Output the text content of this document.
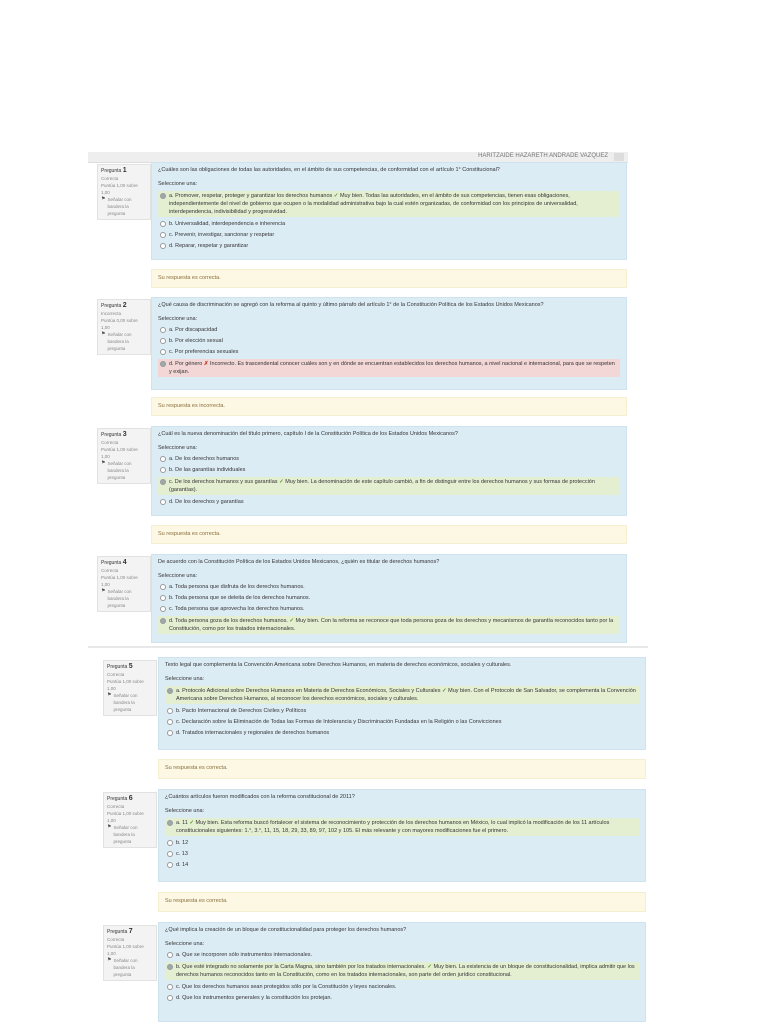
HARITZAIDE HAZARETH ANDRADE VAZQUEZ
Pregunta 1
Correcta
Puntúa 1,00 sobre 1,00
⚑ Señalar con bandera la pregunta
¿Cuáles son las obligaciones de todas las autoridades, en el ámbito de sus competencias, de conformidad con el artículo 1° Constitucional?
Seleccione una:
a. Promover, respetar, proteger y garantizar los derechos humanos ✓ Muy bien. Todas las autoridades, en el ámbito de sus competencias, tienen esas obligaciones, independientemente del nivel de gobierno que ocupen o la modalidad administrativa bajo la cual estén organizadas, de conformidad con los principios de universalidad, interdependencia, indivisibilidad y progresividad.
b. Universalidad, interdependencia e inherencia
c. Prevenir, investigar, sancionar y respetar
d. Reparar, respetar y garantizar
Su respuesta es correcta.
Pregunta 2
Incorrecta
Puntúa 0,00 sobre 1,00
⚑ Señalar con bandera la pregunta
¿Qué causa de discriminación se agregó con la reforma al quinto y último párrafo del artículo 1° de la Constitución Política de los Estados Unidos Mexicanos?
Seleccione una:
a. Por discapacidad
b. Por elección sexual
c. Por preferencias sexuales
d. Por género ✗ Incorrecto. Es trascendental conocer cuáles son y en dónde se encuentran establecidos los derechos humanos, a nivel nacional e internacional, para que se respeten y exijan.
Su respuesta es incorrecta.
Pregunta 3
Correcta
Puntúa 1,00 sobre 1,00
⚑ Señalar con bandera la pregunta
¿Cuál es la nueva denominación del título primero, capítulo I de la Constitución Política de los Estados Unidos Mexicanos?
Seleccione una:
a. De los derechos humanos
b. De las garantías individuales
c. De los derechos humanos y sus garantías ✓ Muy bien. La denominación de este capítulo cambió, a fin de distinguir entre los derechos humanos y sus formas de protección (garantías).
d. De los derechos y garantías
Su respuesta es correcta.
Pregunta 4
Correcta
Puntúa 1,00 sobre 1,00
⚑ Señalar con bandera la pregunta
De acuerdo con la Constitución Política de los Estados Unidos Mexicanos, ¿quién es titular de derechos humanos?
Seleccione una:
a. Toda persona que disfruta de los derechos humanos.
b. Toda persona que se deleita de los derechos humanos.
c. Toda persona que aprovecha los derechos humanos.
d. Toda persona goza de los derechos humanos. ✓ Muy bien. Con la reforma se reconoce que toda persona goza de los derechos y mecanismos de garantía reconocidos tanto por la Constitución, como por los tratados internacionales.
Pregunta 5
Correcta
Puntúa 1,00 sobre 1,00
⚑ Señalar con bandera la pregunta
Texto legal que complementa la Convención Americana sobre Derechos Humanos, en materia de derechos económicos, sociales y culturales.
Seleccione una:
a. Protocolo Adicional sobre Derechos Humanos en Materia de Derechos Económicos, Sociales y Culturales ✓ Muy bien. Con el Protocolo de San Salvador, se complementa la Convención Americana sobre Derechos Humanos, al reconocer los derechos económicos, sociales y culturales.
b. Pacto Internacional de Derechos Civiles y Políticos
c. Declaración sobre la Eliminación de Todas las Formas de Intolerancia y Discriminación Fundadas en la Religión o las Convicciones
d. Tratados internacionales y regionales de derechos humanos
Su respuesta es correcta.
Pregunta 6
Correcta
Puntúa 1,00 sobre 1,00
⚑ Señalar con bandera la pregunta
¿Cuántos artículos fueron modificados con la reforma constitucional de 2011?
Seleccione una:
a. 11 ✓ Muy bien. Esta reforma buscó fortalecer el sistema de reconocimiento y protección de los derechos humanos en México, lo cual implicó la modificación de los 11 artículos constitucionales siguientes: 1.°, 3.°, 11, 15, 18, 29, 33, 89, 97, 102 y 105. El más relevante y con mayores modificaciones fue el primero.
b. 12
c. 13
d. 14
Su respuesta es correcta.
Pregunta 7
Correcta
Puntúa 1,00 sobre 1,00
⚑ Señalar con bandera la pregunta
¿Qué implica la creación de un bloque de constitucionalidad para proteger los derechos humanos?
Seleccione una:
a. Que se incorporen sólo instrumentos internacionales.
b. Que esté integrado no solamente por la Carta Magna, sino también por los tratados internacionales. ✓ Muy bien. La existencia de un bloque de constitucionalidad, implica admitir que los derechos humanos reconocidos tanto en la Constitución, como en los tratados internacionales, son parte del orden jurídico constitucional.
c. Que los derechos humanos sean protegidos sólo por la Constitución y leyes nacionales.
d. Que los instrumentos generales y la constitución los protejan.
